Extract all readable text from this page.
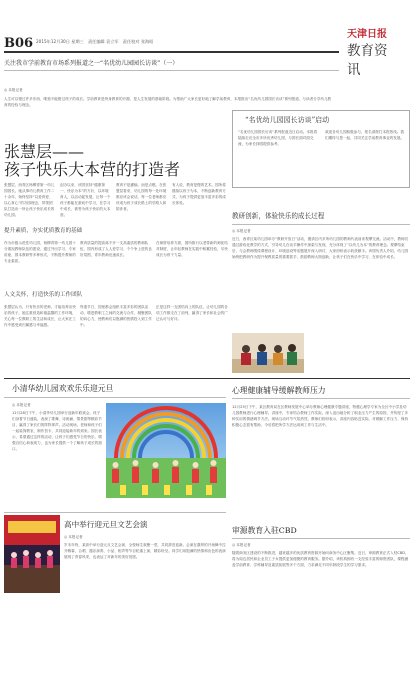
B06 2015年12月30日 星期三　责任编辑 袁立军　责任校对 张海昭
天津日报
教育资讯
关注我市学前教育市场系列报道之一“名优幼儿园园长访谈”（一）
◎ 本报记者
人生可以错过许多东西，唯独不能错过孩子的成长。学前教育是终身教育的开端，是人生发展的基础阶段。为帮助广大家长更好地了解学前教育，本报推出“名优幼儿园园长访谈”系列报道，与读者分享幼儿教育的经验与理念。
张慧层——
孩子快乐大本营的打造者
“名优幼儿园园长访谈”启动
“名优幼儿园园长访谈”系列报道近日启动。本报将陆续走访全市多所优秀幼儿园，与园长面对面交流，为家长择园提供参考。
欢迎各幼儿园积极参与，报名请拨打本报热线。我们期待与您一起，共同关注学前教育事业的发展。
张慧层，西青区杨柳青第一幼儿园园长。她从事幼儿教育工作二十余年，始终坚持“以爱育爱、以心育心”的办园理念，带领团队打造出一所让孩子快乐成长的幼儿园。
创办以来，该园坚持“健康第一、快乐为本”的方针，以环境育人，以活动促发展，让每一个孩子都能在游戏中学习，在学习中成长，被誉为孩子快乐的大本营。
教育不是灌输，而是点燃。在张慧层看来，幼儿园的每一处环境都应该会说话，每一位老师都应该成为孩子成长路上的引路人和陪伴者。
有人说，教育是慢的艺术。园所将继续以孩子为本，不断创新教育方式，为孩子提供更加丰富多彩的成长体验。
提升素质，夯实优质教育的基础
作为市级示范性幼儿园，杨柳青第一幼儿园十分重视教师队伍的建设，通过外出学习、专家讲座、园本教研等多种形式，不断提升教师的专业素质。
教育质量的提高离不开一支高素质的教师队伍，园内形成了人人爱学习、个个争上进的良好氛围，青年教师迅速成长。
在师资培养方面，园所推行以老带新的师徒结对制度，让年轻教师在实践中积累经验，尽快成长为骨干力量。
人文关怀，打造快乐的工作团队
张慧层认为，只有快乐的老师，才能培养出快乐的孩子。她注重营造和谐温馨的工作环境，关心每一位教职工的生活和成长，让大家在工作中感受到归属感与幸福感。
每逢节日，园里都会组织丰富多彩的团队活动，增进教职工之间的交流与合作，凝聚团队的向心力，使教师们以饱满的热情投入到工作中。
正是这样一支团结向上的队伍，让幼儿园的各项工作都走在了前列，赢得了家长和社会的广泛认可与好评。
教研创新，体验快乐的成长过程
◎ 本报记者
近日，西青区某幼儿园举办“教研开放日”活动，邀请区内多所幼儿园的教师代表前来观摩交流。活动中，教师们通过游戏化教学的方式，引导幼儿在动手操作中探索与发现，充分体现了“以幼儿为本”的教育理念。观摩结束后，与会教师围绕课程设计、环境创设等话题展开深入研讨，大家纷纷表示收获颇丰。该园负责人介绍，幼儿园始终把教研作为提升保教质量的重要抓手，鼓励教师大胆创新，让孩子们在快乐中学习、在体验中成长。
小清华幼儿园欢欢乐乐迎元旦
◎ 本报记者
12月28日下午，小清华幼儿园举行迎新年联欢会。孩子们身着节日盛装，表演了歌舞、诗朗诵、情景剧等精彩节目，赢得了家长们的阵阵掌声。活动现场，老师和孩子们一起装饰教室、制作贺卡，共同迎接新年的到来。园长表示，希望通过这样的活动，让孩子们感受节日的快乐，增强自信心和表现力，也为家长提供一个了解孩子成长的窗口。
心理健康辅导缓解教师压力
12月25日下午，某区教育局在区教师发展中心举办教师心理健康专题讲座，特邀心理学专家为全区中小学及幼儿园教师进行心理辅导。讲座中，专家结合教师工作实际，深入浅出地分析了职业压力产生的原因，并传授了多种实用的情绪调节方法。现场互动环节气氛热烈，教师们纷纷表示，讲座内容贴近实际，对缓解工作压力、保持积极心态很有帮助，今后将把所学方法运用到工作与生活中。
高中举行迎元旦文艺会演
◎ 本报记者
岁末年终，某高中举行迎元旦文艺会演，全校师生欢聚一堂，共同辞旧迎新。会演在激昂的开场舞中拉开帷幕，合唱、器乐演奏、小品、相声等节目轮番上演，精彩纷呈。同学们用饱满的热情和出色的表演展现了青春风采，也表达了对新年的美好祝愿。
审源教育入驻CBD
◎ 本报记者
随着商务区建设的不断推进，越来越多的优质教育资源开始向商务中心区聚集。近日，审源教育正式入驻CBD，将为周边居民和企业员工子女提供更加便捷的教育服务。据介绍，该机构拥有一支经验丰富的师资团队，课程涵盖学前教育、学科辅导及素质拓展等多个方面，力求满足不同年龄段学生的学习需求。
